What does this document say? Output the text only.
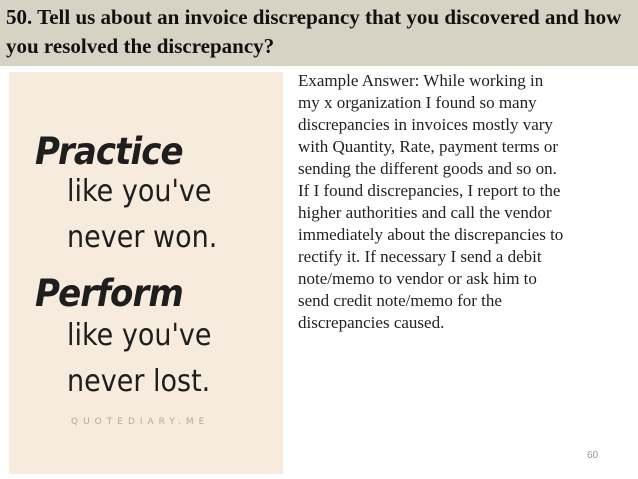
50. Tell us about an invoice discrepancy that you discovered and how you resolved the discrepancy?
Practice
like you've
never won.
Perform
like you've
never lost.
QUOTEDIARY.ME
Example Answer: While working in
my x organization I found so many
discrepancies in invoices mostly vary
with Quantity, Rate, payment terms or
sending the different goods and so on.
If I found discrepancies, I report to the
higher authorities and call the vendor
immediately about the discrepancies to
rectify it. If necessary I send a debit
note/memo to vendor or ask him to
send credit note/memo for the
discrepancies caused.
60
